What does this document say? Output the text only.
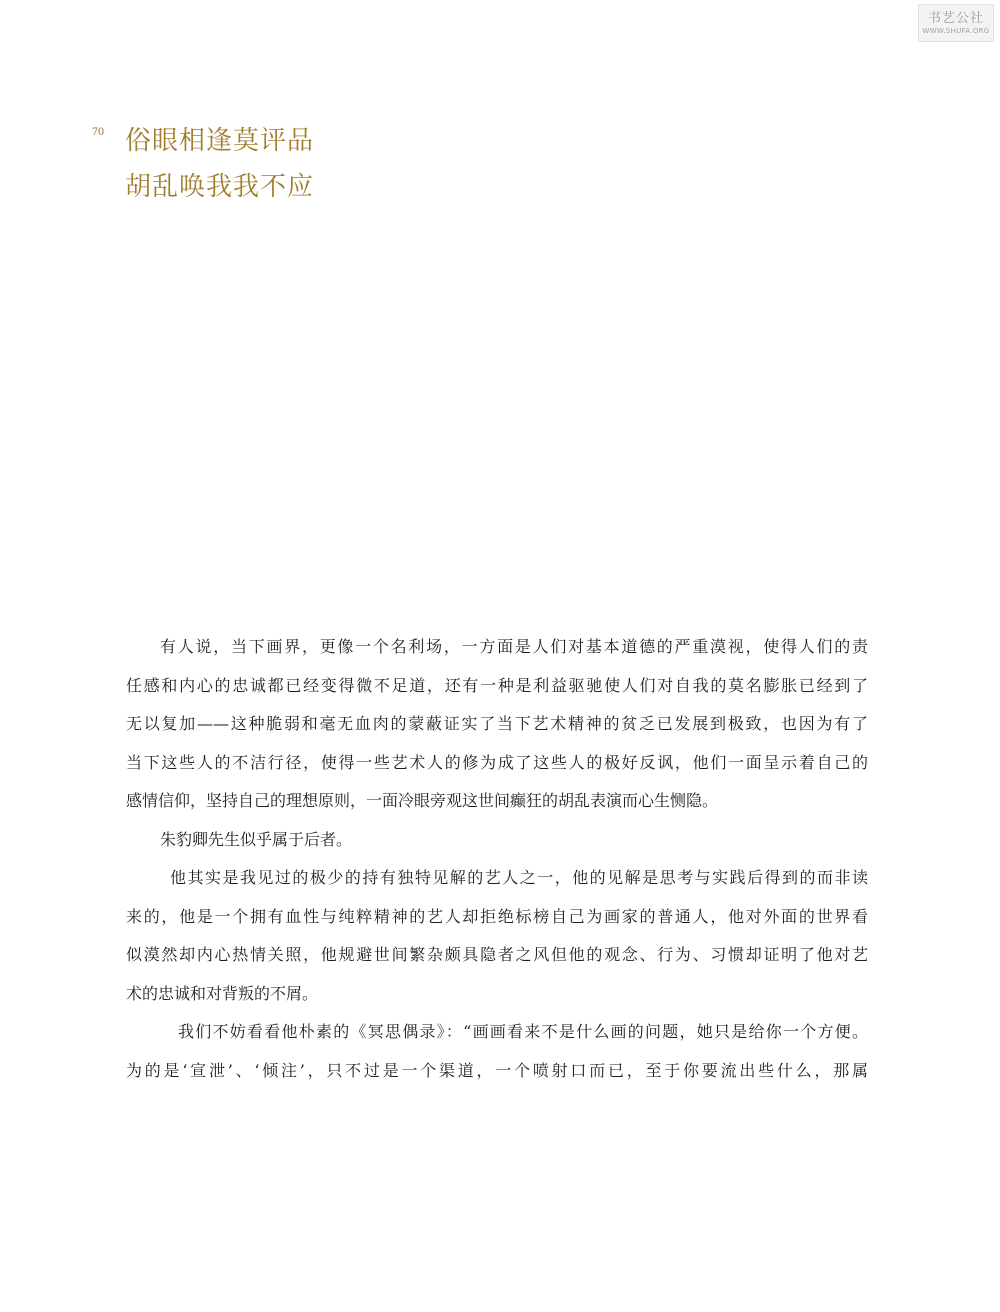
书艺公社
WWW.SHUFA.ORG
70 俗眼相逢莫评品
胡乱唤我我不应
有人说，当下画界，更像一个名利场，一方面是人们对基本道德的严重漠视，使得人们的责
任感和内心的忠诚都已经变得微不足道，还有一种是利益驱驰使人们对自我的莫名膨胀已经到了
无以复加——这种脆弱和毫无血肉的蒙蔽证实了当下艺术精神的贫乏已发展到极致，也因为有了
当下这些人的不洁行径，使得一些艺术人的修为成了这些人的极好反讽，他们一面呈示着自己的
感情信仰，坚持自己的理想原则，一面冷眼旁观这世间癫狂的胡乱表演而心生恻隐。
朱豹卿先生似乎属于后者。
他其实是我见过的极少的持有独特见解的艺人之一，他的见解是思考与实践后得到的而非读
来的，他是一个拥有血性与纯粹精神的艺人却拒绝标榜自己为画家的普通人，他对外面的世界看
似漠然却内心热情关照，他规避世间繁杂颇具隐者之风但他的观念、行为、习惯却证明了他对艺
术的忠诚和对背叛的不屑。
我们不妨看看他朴素的《冥思偶录》：“画画看来不是什么画的问题，她只是给你一个方便。
为的是‘宣泄’、‘倾注’，只不过是一个渠道，一个喷射口而已，至于你要流出些什么，那属
